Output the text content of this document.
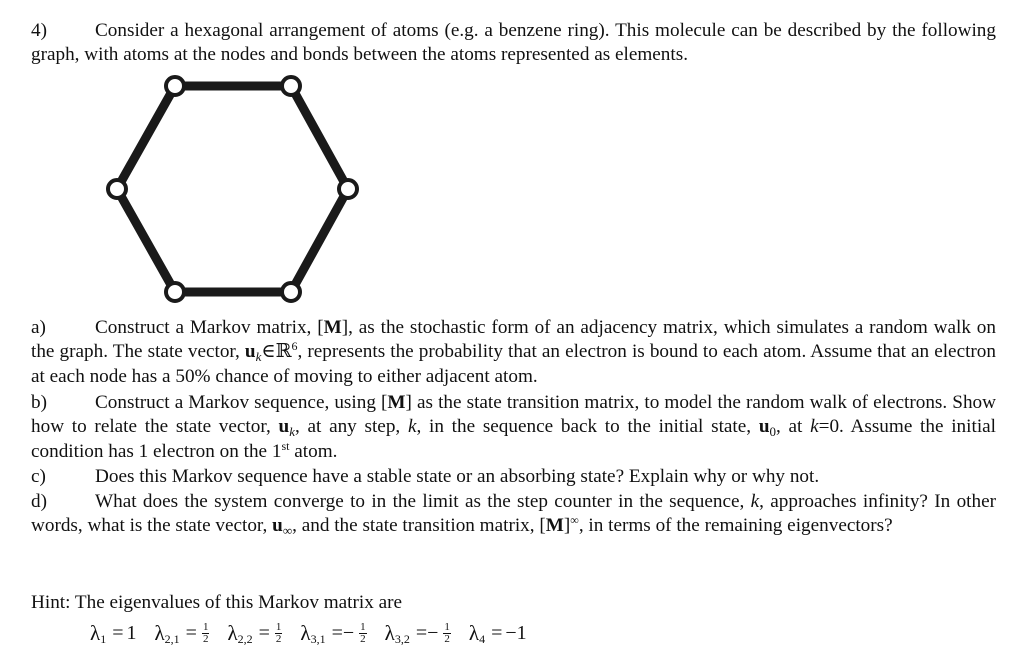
4)	Consider a hexagonal arrangement of atoms (e.g. a benzene ring). This molecule can be described by the following graph, with atoms at the nodes and bonds between the atoms represented as elements.
a)	Construct a Markov matrix, [M], as the stochastic form of an adjacency matrix, which simulates a random walk on the graph. The state vector, $u_k\in ℝ^6$, represents the probability that an electron is bound to each atom. Assume that an electron at each node has a 50% chance of moving to either adjacent atom.
b)	Construct a Markov sequence, using [M] as the state transition matrix, to model the random walk of electrons. Show how to relate the state vector, $u_k$, at any step, k, in the sequence back to the initial state, $u_0$, at k=0. Assume the initial condition has 1 electron on the 1st atom.
c)	Does this Markov sequence have a stable state or an absorbing state? Explain why or why not.
d)	What does the system converge to in the limit as the step counter in the sequence, k, approaches infinity? In other words, what is the state vector, $u_\infty$, and the state transition matrix, [M]∞, in terms of the remaining eigenvectors?
Hint: The eigenvalues of this Markov matrix are
λ 1 = 1 λ $2,1 = \frac{1}{2}$ λ $2,2 = \frac{1}{2}$ λ $3,1 =- \frac{1}{2}$ λ $3,2 =- \frac{1}{2}$ λ 4 = −1
